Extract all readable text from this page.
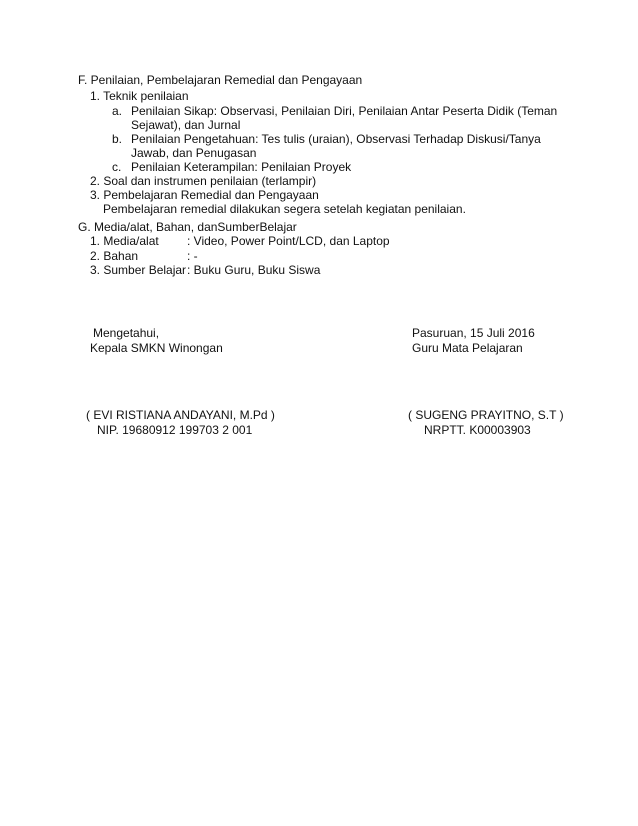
F. Penilaian, Pembelajaran Remedial dan Pengayaan
1. Teknik penilaian
a. Penilaian Sikap: Observasi, Penilaian Diri, Penilaian Antar Peserta Didik (Teman
Sejawat), dan Jurnal
b. Penilaian Pengetahuan: Tes tulis (uraian), Observasi Terhadap Diskusi/Tanya
Jawab, dan Penugasan
c. Penilaian Keterampilan: Penilaian Proyek
2. Soal dan instrumen penilaian (terlampir)
3. Pembelajaran Remedial dan Pengayaan
Pembelajaran remedial dilakukan segera setelah kegiatan penilaian.
G. Media/alat, Bahan, danSumberBelajar
1. Media/alat : Video, Power Point/LCD, dan Laptop
2. Bahan	: -
3. Sumber Belajar : Buku Guru, Buku Siswa
Mengetahui,
Kepala SMKN Winongan
( EVI RISTIANA ANDAYANI, M.Pd )
NIP. 19680912 199703 2 001
Pasuruan, 15 Juli 2016
Guru Mata Pelajaran
( SUGENG PRAYITNO, S.T )
NRPTT. K00003903
